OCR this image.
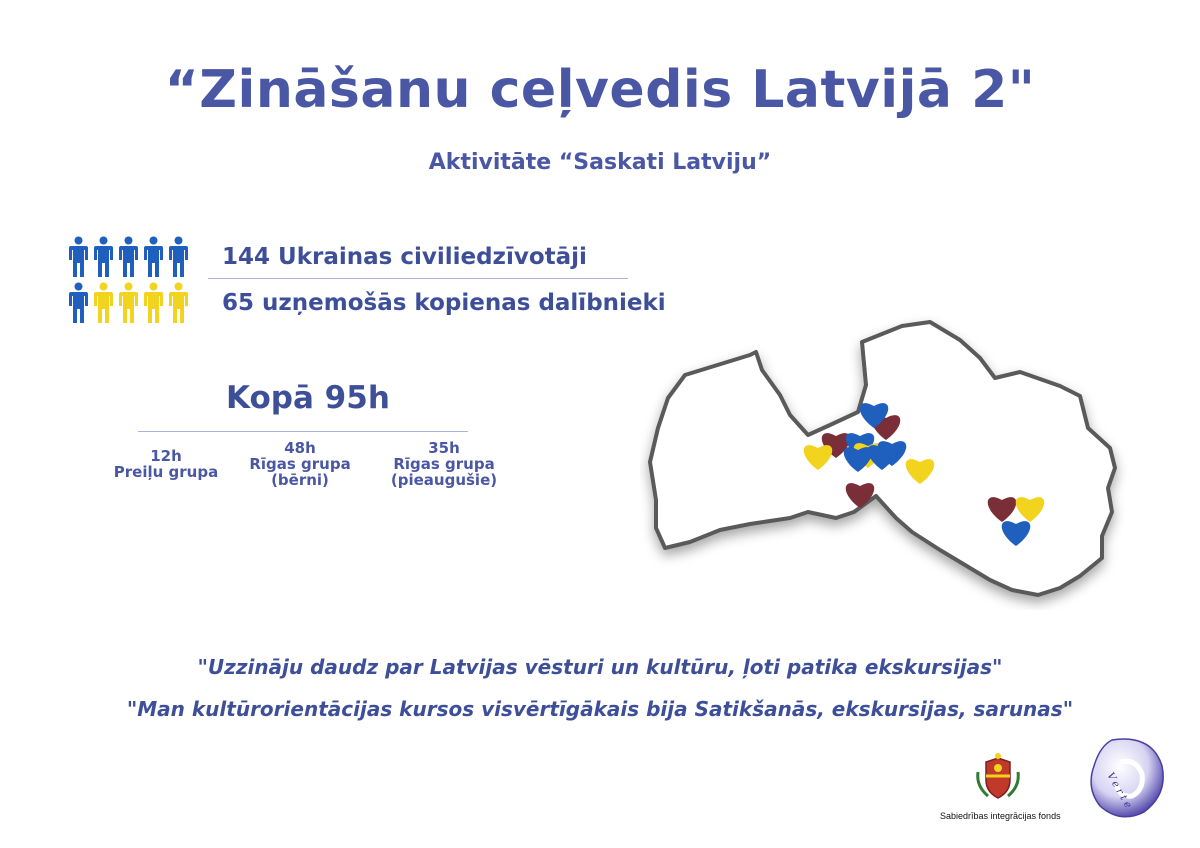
“Zināšanu ceļvedis Latvijā 2"
Aktivitāte “Saskati Latviju”
144 Ukrainas civiliedzīvotāji
65 uzņemošās kopienas dalībnieki
Kopā 95h
12h
Preiļu grupa
48h
Rīgas grupa
(bērni)
35h
Rīgas grupa
(pieaugušie)
"Uzzināju daudz par Latvijas vēsturi un kultūru, ļoti patika ekskursijas"
"Man kultūrorientācijas kursos visvērtīgākais bija Satikšanās, ekskursijas, sarunas"
Sabiedrības integrācijas fonds
Verte
